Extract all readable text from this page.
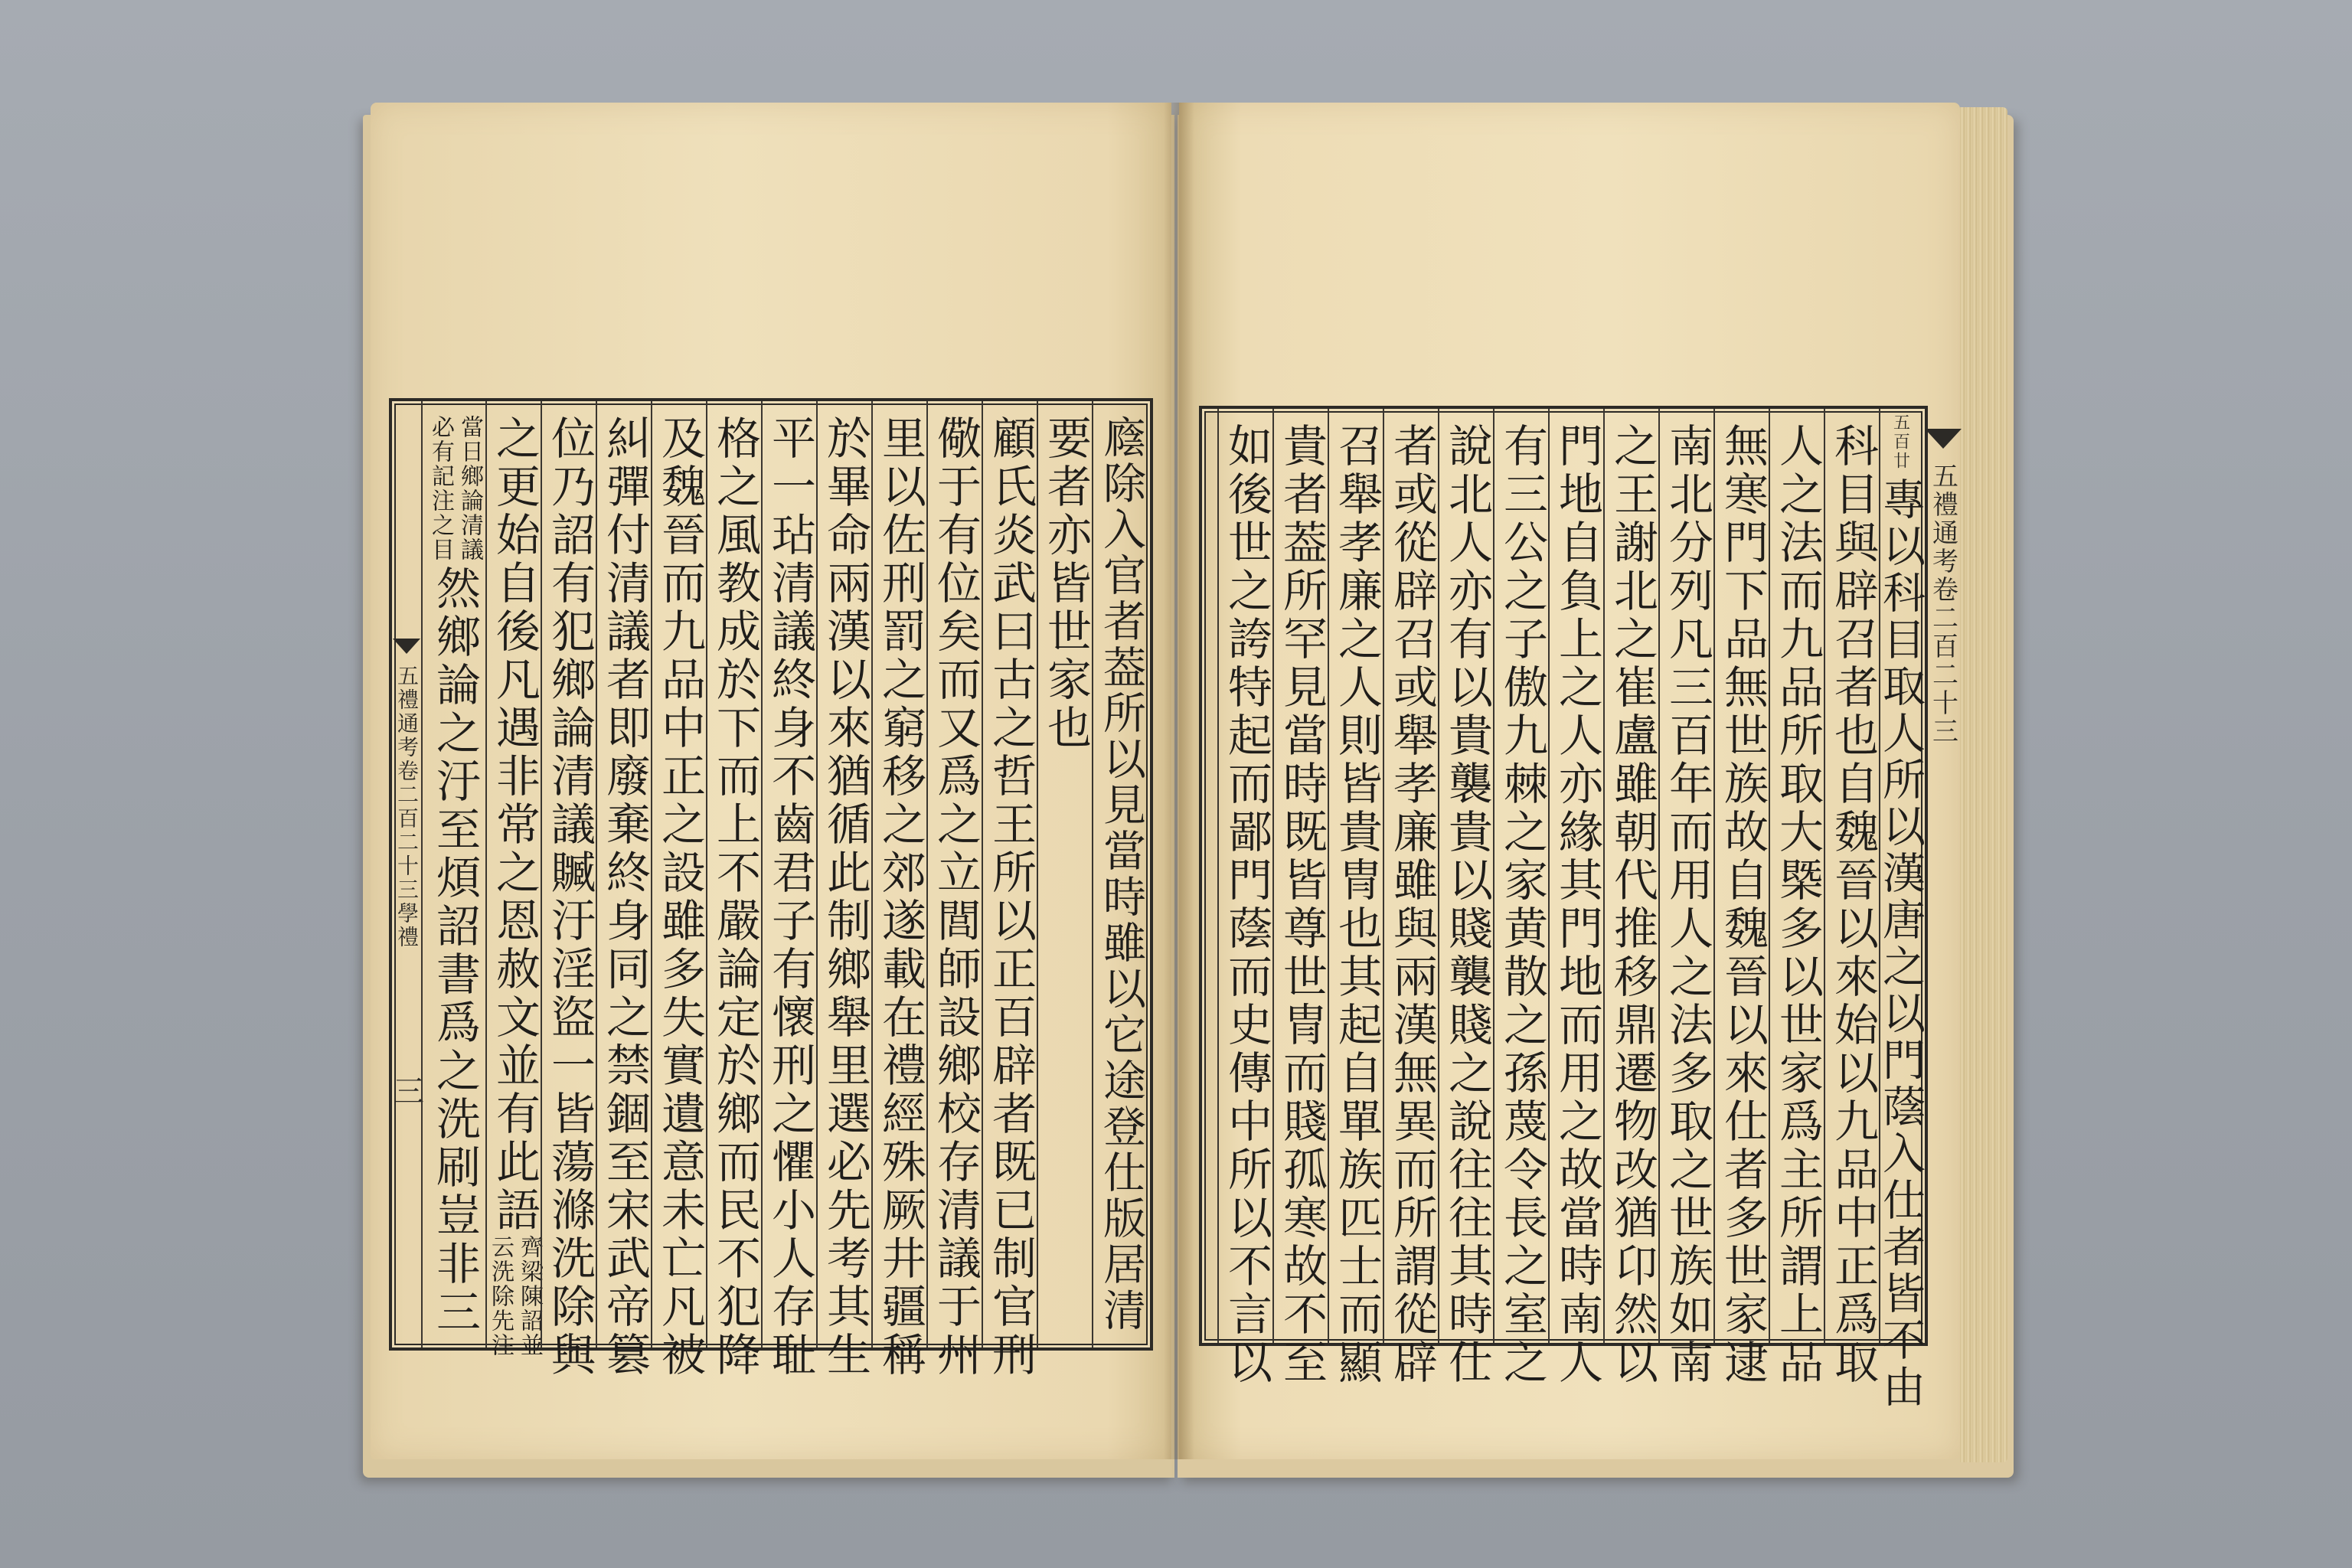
如後世之誇特起而鄙門蔭而史傳中所以不言以 貴者葢所罕見當時既皆尊世冑而賤孤寒故不至 召舉孝廉之人則皆貴冑也其起自單族匹士而顯 者或從辟召或舉孝廉雖與兩漢無異而所謂從辟 說北人亦有以貴襲貴以賤襲賤之說往往其時仕 有三公之子傲九棘之家黄散之孫蔑令長之室之 門地自負上之人亦緣其門地而用之故當時南人 之王謝北之崔盧雖朝代推移鼎遷物改猶卬然以 南北分列凡三百年而用人之法多取之世族如南 無寒門下品無世族故自魏晉以來仕者多世家逮 人之法而九品所取大槩多以世家爲主所謂上品 科目與辟召者也自魏晉以來始以九品中正爲取 五百廿
專以科目取人所以漢唐之以門蔭入仕者皆不由 五禮通考卷二百二十三
五禮通考卷二百二十三學禮
三
當日鄉論清議
必有記注之目
然鄉論之汙至煩詔書爲之洗刷豈非三 之更始自後凡遇非常之恩赦文並有此語
齊梁陳詔並
云洗除先注 位乃詔有犯鄉論清議贓汙淫盜一皆蕩滌洗除與 糾彈付清議者即廢棄終身同之禁錮至宋武帝篡 及魏晉而九品中正之設雖多失實遺意未亡凡被 格之風教成於下而上不嚴論定於鄉而民不犯降 平一玷清議終身不齒君子有懷刑之懼小人存耻 於畢命兩漢以來猶循此制鄉舉里選必先考其生 里以佐刑罰之窮移之郊遂載在禮經殊厥井疆稱 儆于有位矣而又爲之立閭師設鄉校存清議于州 顧氏炎武曰古之哲王所以正百辟者既已制官刑 要者亦皆世家也 廕除入官者葢所以見當時雖以它途登仕版居清
